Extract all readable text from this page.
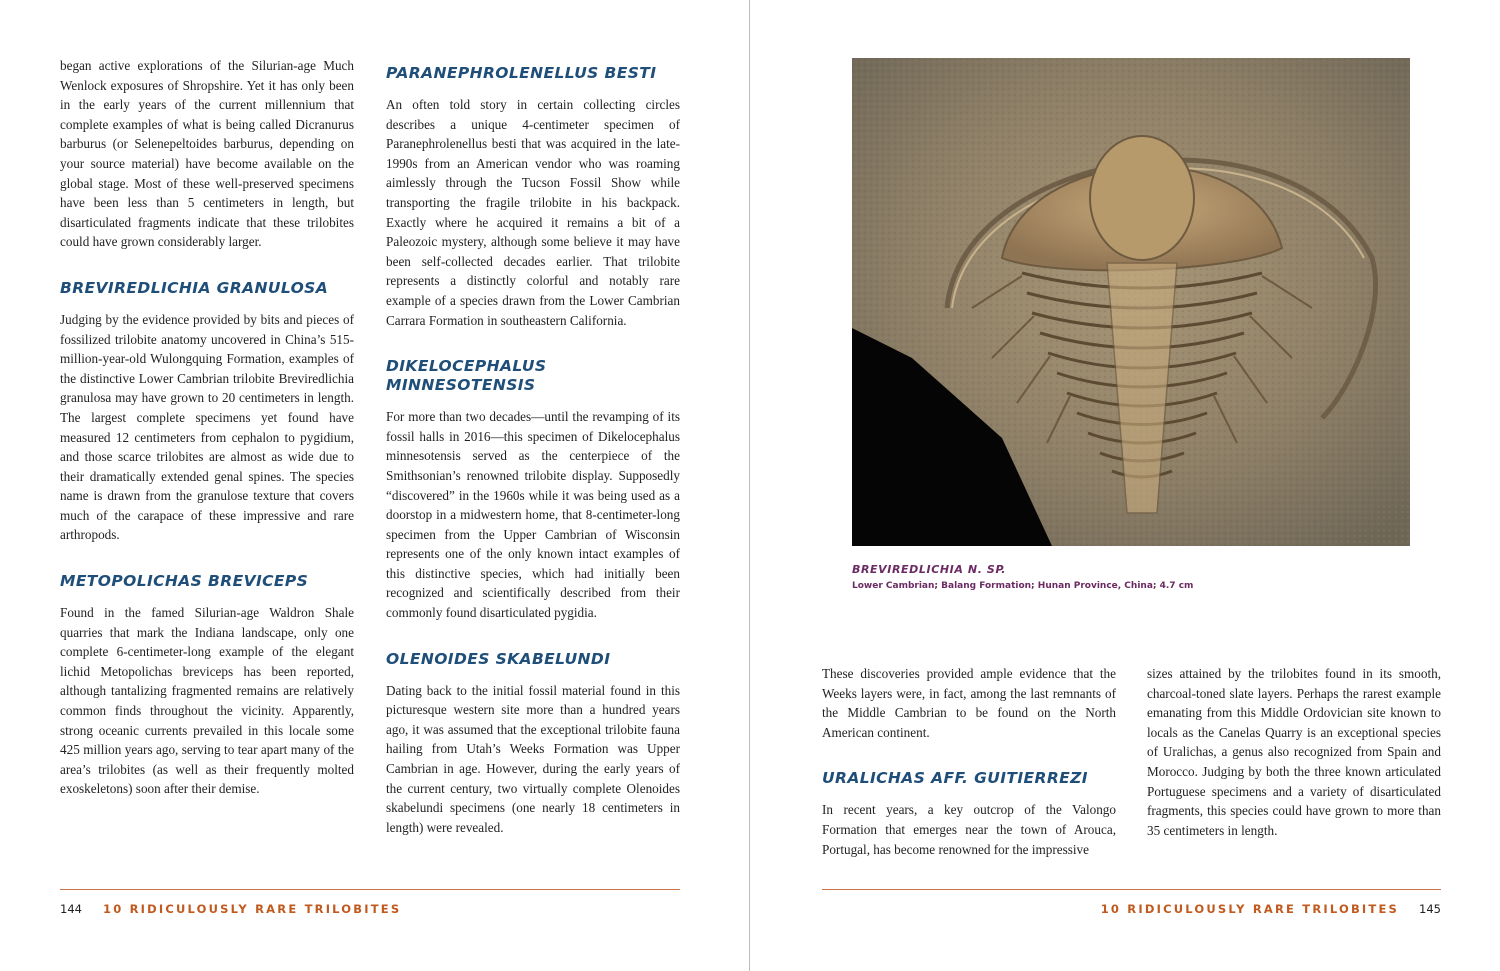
began active explorations of the Silurian-age Much Wenlock exposures of Shropshire. Yet it has only been in the early years of the current millennium that complete examples of what is being called Dicranurus barburus (or Selenepeltoides barburus, depending on your source material) have become available on the global stage. Most of these well-preserved specimens have been less than 5 centimeters in length, but disarticulated fragments indicate that these trilobites could have grown considerably larger.

BREVIREDLICHIA GRANULOSA

Judging by the evidence provided by bits and pieces of fossilized trilobite anatomy uncovered in China’s 515-million-year-old Wulongquing Formation, examples of the distinctive Lower Cambrian trilobite Breviredlichia granulosa may have grown to 20 centimeters in length. The largest complete specimens yet found have measured 12 centimeters from cephalon to pygidium, and those scarce trilobites are almost as wide due to their dramatically extended genal spines. The species name is drawn from the granulose texture that covers much of the carapace of these impressive and rare arthropods.

METOPOLICHAS BREVICEPS

Found in the famed Silurian-age Waldron Shale quarries that mark the Indiana landscape, only one complete 6-centimeter-long example of the elegant lichid Metopolichas breviceps has been reported, although tantalizing fragmented remains are relatively common finds throughout the vicinity. Apparently, strong oceanic currents prevailed in this locale some 425 million years ago, serving to tear apart many of the area’s trilobites (as well as their frequently molted exoskeletons) soon after their demise.

PARANEPHROLENELLUS BESTI

An often told story in certain collecting circles describes a unique 4-centimeter specimen of Paranephrolenellus besti that was acquired in the late-1990s from an American vendor who was roaming aimlessly through the Tucson Fossil Show while transporting the fragile trilobite in his backpack. Exactly where he acquired it remains a bit of a Paleozoic mystery, although some believe it may have been self-collected decades earlier. That trilobite represents a distinctly colorful and notably rare example of a species drawn from the Lower Cambrian Carrara Formation in southeastern California.

DIKELOCEPHALUS
MINNESOTENSIS

For more than two decades—until the revamping of its fossil halls in 2016—this specimen of Dikelocephalus minnesotensis served as the centerpiece of the Smithsonian’s renowned trilobite display. Supposedly “discovered” in the 1960s while it was being used as a doorstop in a midwestern home, that 8-centimeter-long specimen from the Upper Cambrian of Wisconsin represents one of the only known intact examples of this distinctive species, which had initially been recognized and scientifically described from their commonly found disarticulated pygidia.

OLENOIDES SKABELUNDI

Dating back to the initial fossil material found in this picturesque western site more than a hundred years ago, it was assumed that the exceptional trilobite fauna hailing from Utah’s Weeks Formation was Upper Cambrian in age. However, during the early years of the current century, two virtually complete Olenoides skabelundi specimens (one nearly 18 centimeters in length) were revealed.

144 10 RIDICULOUSLY RARE TRILOBITES
BREVIREDLICHIA N. SP.
Lower Cambrian; Balang Formation; Hunan Province, China; 4.7 cm

These discoveries provided ample evidence that the Weeks layers were, in fact, among the last remnants of the Middle Cambrian to be found on the North American continent.

URALICHAS AFF. GUITIERREZI

In recent years, a key outcrop of the Valongo Formation that emerges near the town of Arouca, Portugal, has become renowned for the impressive

sizes attained by the trilobites found in its smooth, charcoal-toned slate layers. Perhaps the rarest example emanating from this Middle Ordovician site known to locals as the Canelas Quarry is an exceptional species of Uralichas, a genus also recognized from Spain and Morocco. Judging by both the three known articulated Portuguese specimens and a variety of disarticulated fragments, this species could have grown to more than 35 centimeters in length.

10 RIDICULOUSLY RARE TRILOBITES 145
